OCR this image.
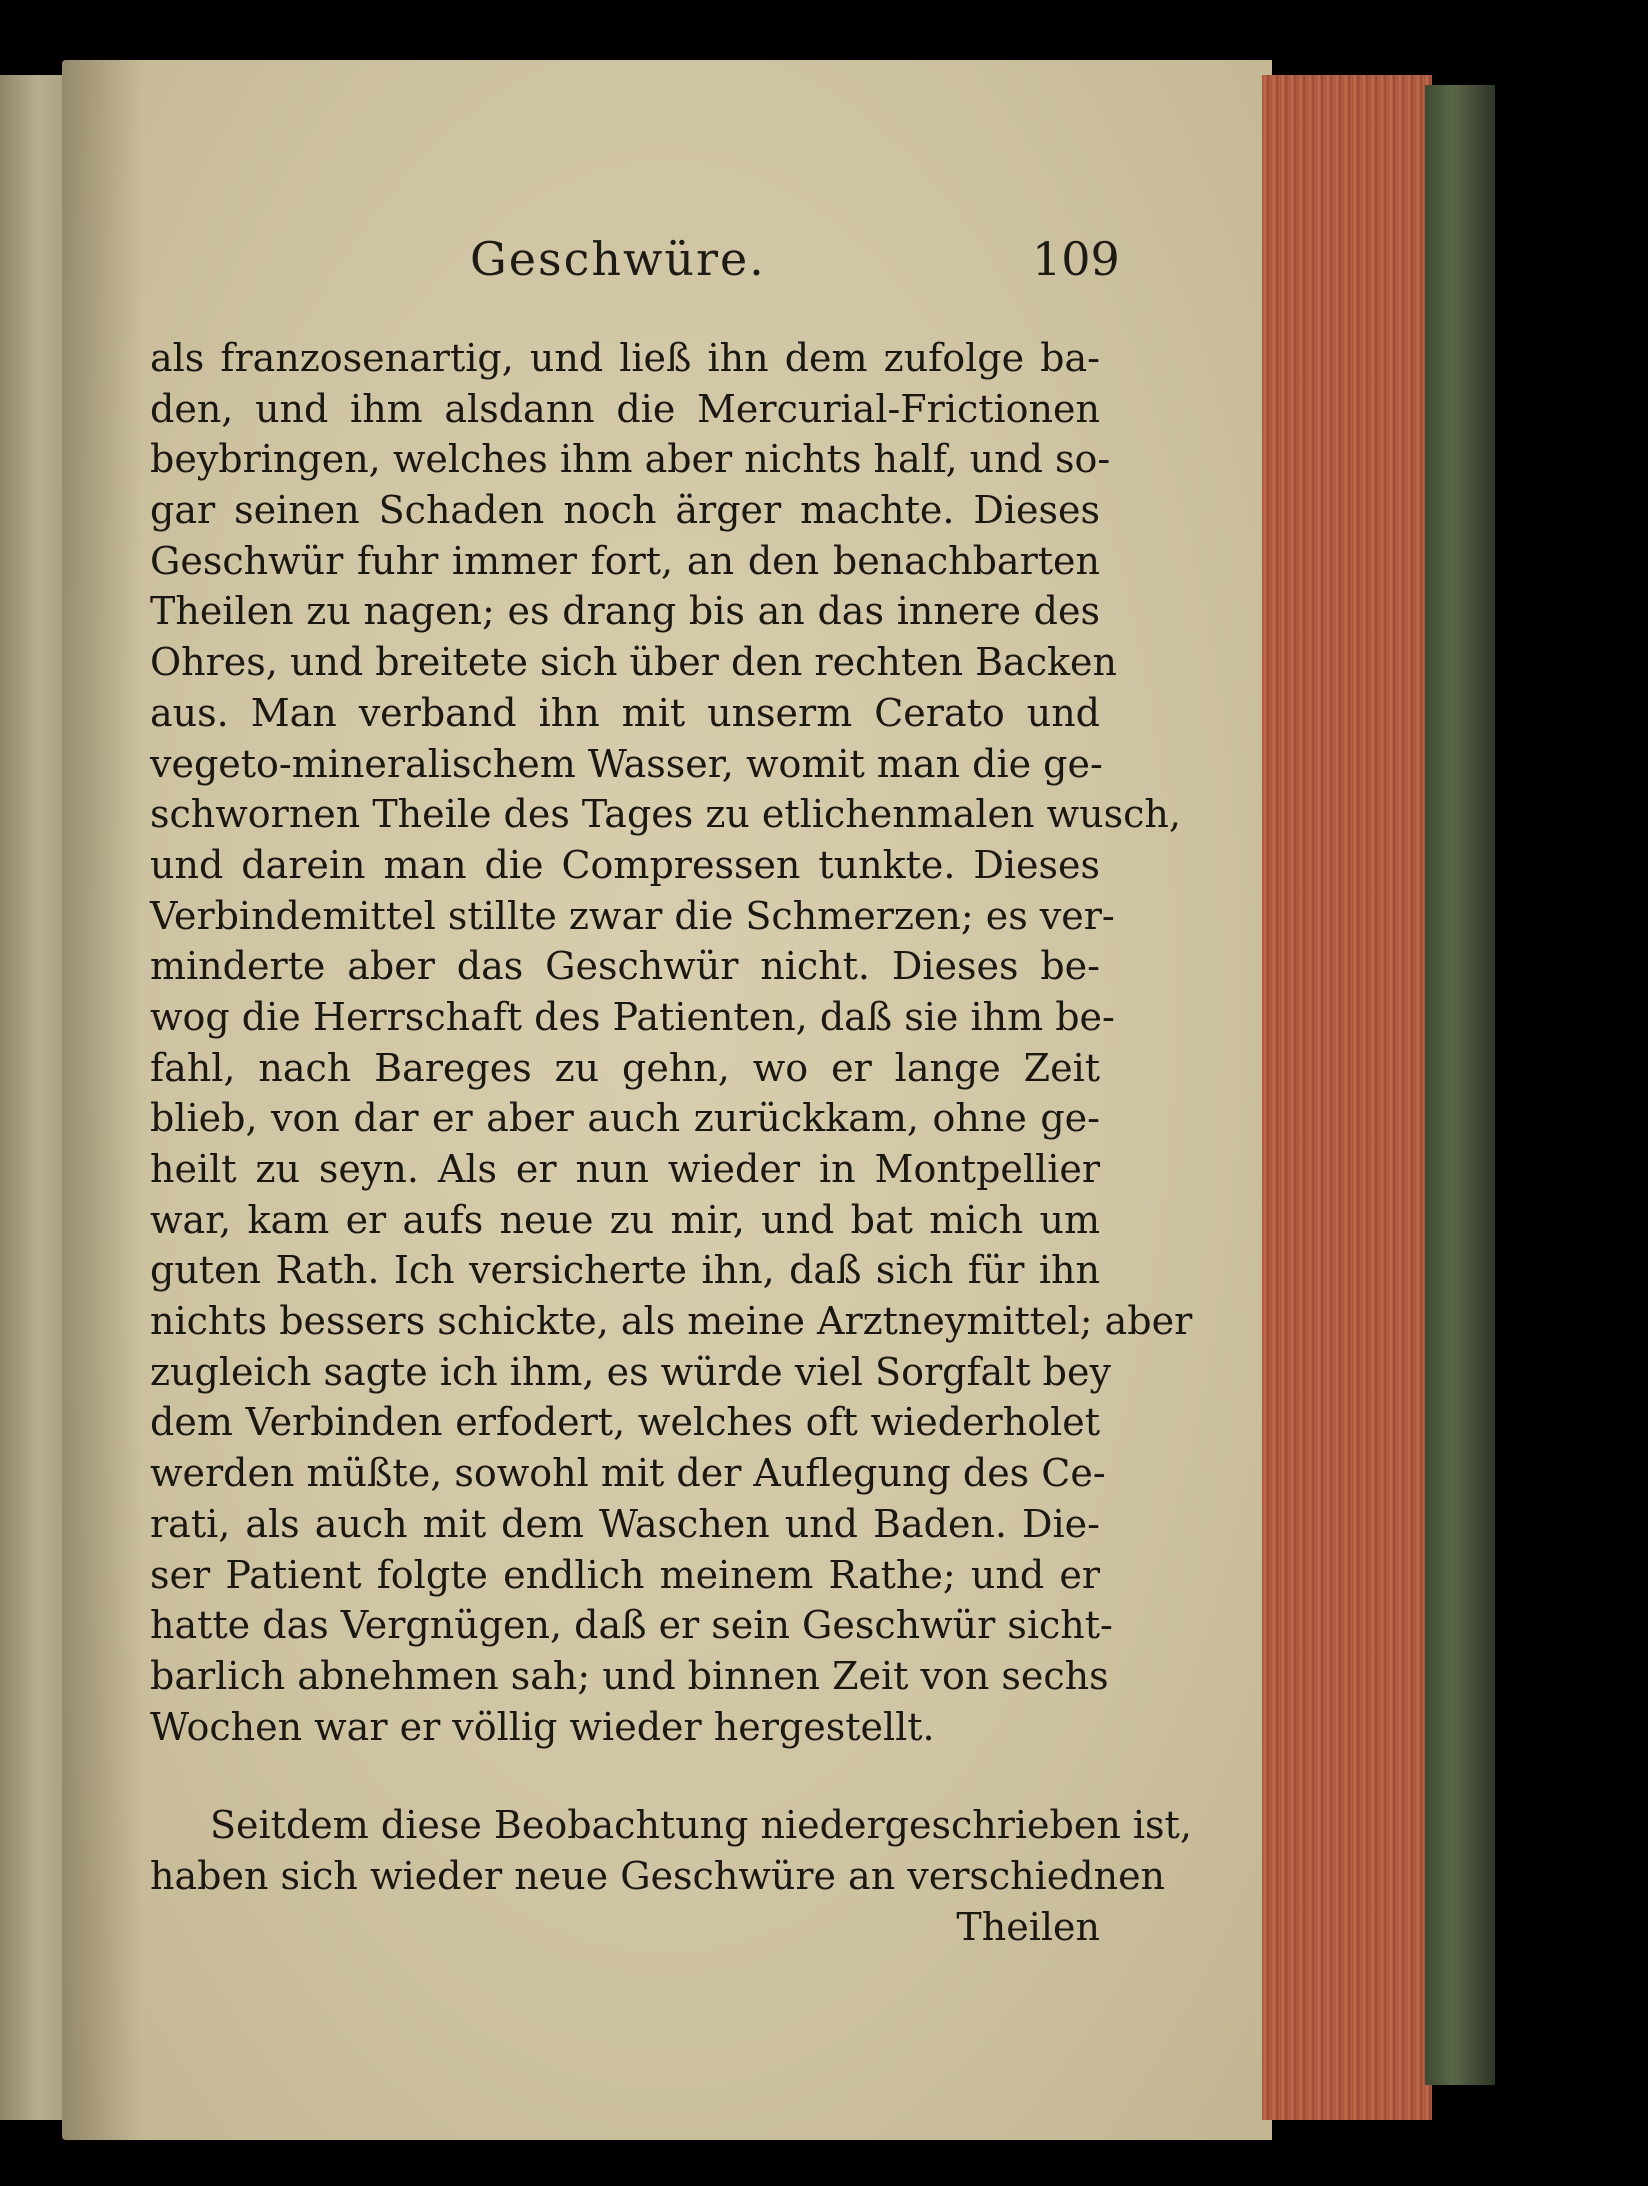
Geschwüre.	109
als franzosenartig, und ließ ihn dem zufolge ba-
den, und ihm alsdann die Mercurial-Frictionen
beybringen, welches ihm aber nichts half, und so-
gar seinen Schaden noch ärger machte. Dieses
Geschwür fuhr immer fort, an den benachbarten
Theilen zu nagen; es drang bis an das innere des
Ohres, und breitete sich über den rechten Backen
aus. Man verband ihn mit unserm Cerato und
vegeto-mineralischem Wasser, womit man die ge-
schwornen Theile des Tages zu etlichenmalen wusch,
und darein man die Compressen tunkte. Dieses
Verbindemittel stillte zwar die Schmerzen; es ver-
minderte aber das Geschwür nicht. Dieses be-
wog die Herrschaft des Patienten, daß sie ihm be-
fahl, nach Bareges zu gehn, wo er lange Zeit
blieb, von dar er aber auch zurückkam, ohne ge-
heilt zu seyn. Als er nun wieder in Montpellier
war, kam er aufs neue zu mir, und bat mich um
guten Rath. Ich versicherte ihn, daß sich für ihn
nichts bessers schickte, als meine Arztneymittel; aber
zugleich sagte ich ihm, es würde viel Sorgfalt bey
dem Verbinden erfodert, welches oft wiederholet
werden müßte, sowohl mit der Auflegung des Ce-
rati, als auch mit dem Waschen und Baden. Die-
ser Patient folgte endlich meinem Rathe; und er
hatte das Vergnügen, daß er sein Geschwür sicht-
barlich abnehmen sah; und binnen Zeit von sechs
Wochen war er völlig wieder hergestellt.
Seitdem diese Beobachtung niedergeschrieben ist,
haben sich wieder neue Geschwüre an verschiednen
Theilen
